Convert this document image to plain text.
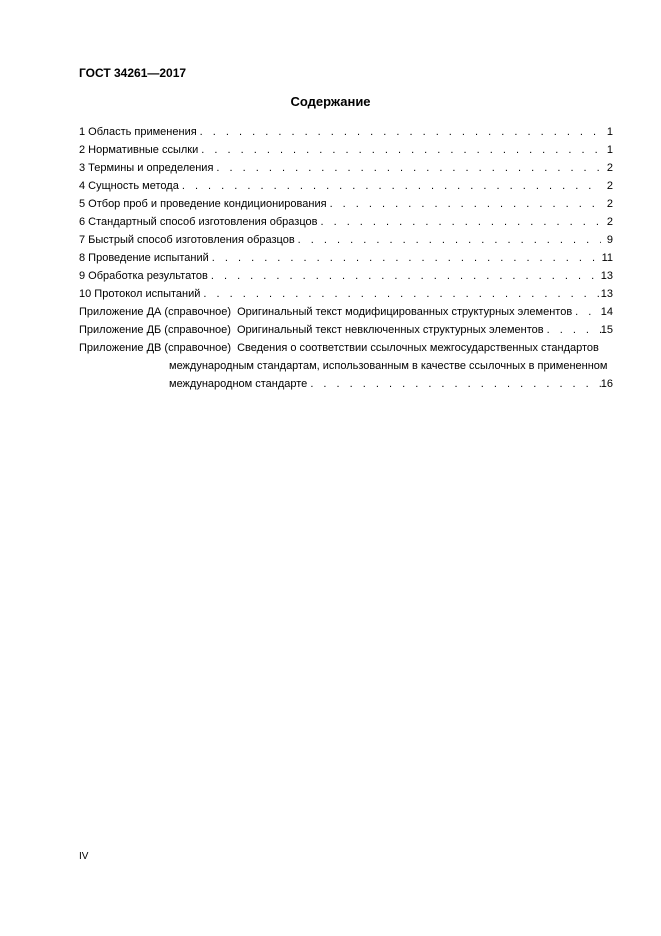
ГОСТ 34261—2017
Содержание
1 Область применения . . .	1
2 Нормативные ссылки . . .	1
3 Термины и определения . . .	2
4 Сущность метода . . .	2
5 Отбор проб и проведение кондиционирования . . .	2
6 Стандартный способ изготовления образцов . . .	2
7 Быстрый способ изготовления образцов . . .	9
8 Проведение испытаний . . .	11
9 Обработка результатов . . .	13
10 Протокол испытаний . . .	13
Приложение ДА (справочное) Оригинальный текст модифицированных структурных элементов . . .	14
Приложение ДБ (справочное) Оригинальный текст невключенных структурных элементов . . .	15
Приложение ДВ (справочное) Сведения о соответствии ссылочных межгосударственных стандартов
международным стандартам, использованным в качестве ссылочных в примененном
международном стандарте . . .	16
IV
